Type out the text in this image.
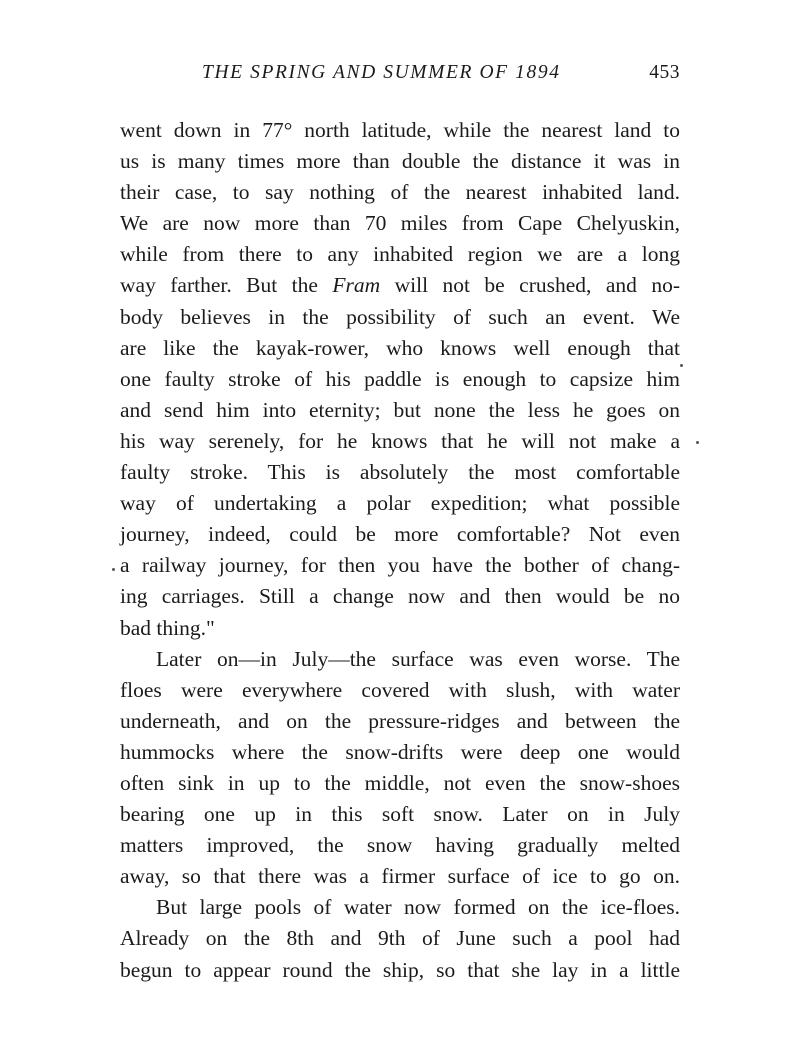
THE SPRING AND SUMMER OF 1894	453
went down in 77° north latitude, while the nearest land to
us is many times more than double the distance it was in
their case, to say nothing of the nearest inhabited land.
We are now more than 70 miles from Cape Chelyuskin,
while from there to any inhabited region we are a long
way farther. But the Fram will not be crushed, and no-
body believes in the possibility of such an event. We
are like the kayak-rower, who knows well enough that
one faulty stroke of his paddle is enough to capsize him
and send him into eternity; but none the less he goes on
his way serenely, for he knows that he will not make a
faulty stroke. This is absolutely the most comfortable
way of undertaking a polar expedition; what possible
journey, indeed, could be more comfortable? Not even
a railway journey, for then you have the bother of chang-
ing carriages. Still a change now and then would be no
bad thing."
Later on—in July—the surface was even worse. The
floes were everywhere covered with slush, with water
underneath, and on the pressure-ridges and between the
hummocks where the snow-drifts were deep one would
often sink in up to the middle, not even the snow-shoes
bearing one up in this soft snow. Later on in July
matters improved, the snow having gradually melted
away, so that there was a firmer surface of ice to go on.
But large pools of water now formed on the ice-floes.
Already on the 8th and 9th of June such a pool had
begun to appear round the ship, so that she lay in a little
